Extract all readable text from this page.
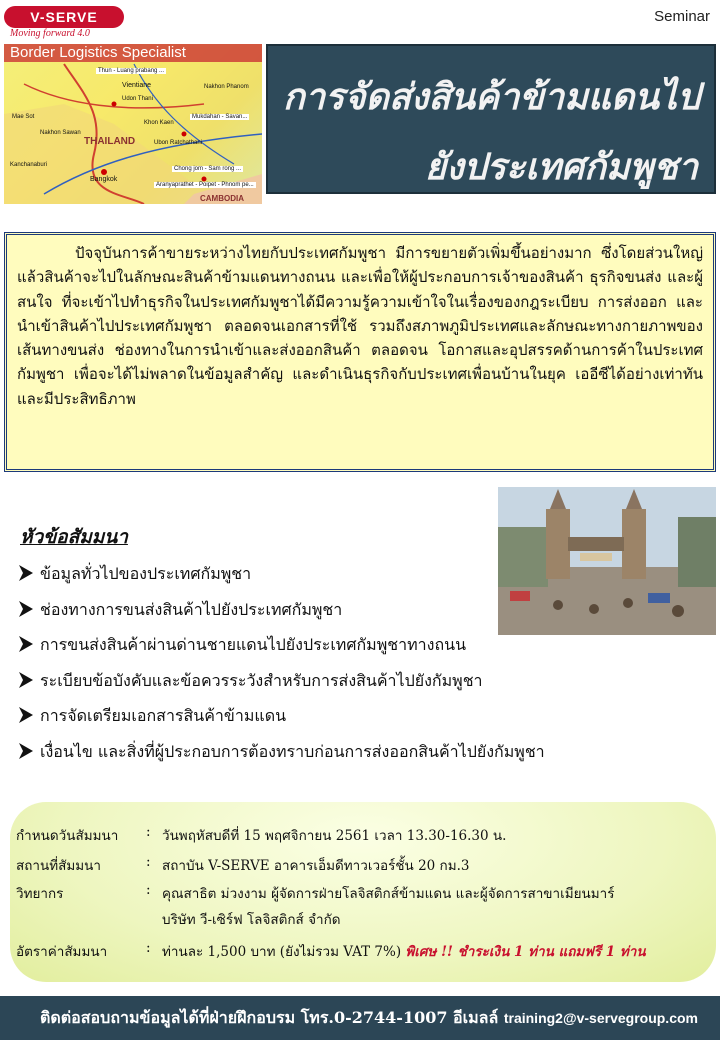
Seminar
V-SERVE
Moving forward 4.0
Border Logistics Specialist
Thun - Luang prabang ...
Vientiane	Nakhon Phanom
Khon Kaen
Mukdahan - Savan...
THAILAND	Ubon Ratchathani
Bangkok
Chong jom - Sam rong ...
Kanchanaburi
Aranyaprathet - Poipet - Phnom pe...
CAMBODIA
Nakhon Sawan
Udon Thani
Mae Sot	การจัดส่งสินค้าข้ามแดนไป
ยังประเทศกัมพูชา

ปัจจุบันการค้าขายระหว่างไทยกับประเทศกัมพูชา มีการขยายตัวเพิ่มขึ้นอย่างมาก ซึ่งโดยส่วนใหญ่แล้วสินค้าจะไปในลักษณะสินค้าข้ามแดนทางถนน และเพื่อให้ผู้ประกอบการเจ้าของสินค้า ธุรกิจขนส่ง และผู้สนใจ ที่จะเข้าไปทำธุรกิจในประเทศกัมพูชาได้มีความรู้ความเข้าใจในเรื่องของกฎระเบียบ การส่งออก และนำเข้าสินค้าไปประเทศกัมพูชา ตลอดจนเอกสารที่ใช้ รวมถึงสภาพภูมิประเทศและลักษณะทางกายภาพของเส้นทางขนส่ง ช่องทางในการนำเข้าและส่งออกสินค้า ตลอดจน โอกาสและอุปสรรคด้านการค้าในประเทศกัมพูชา เพื่อจะได้ไม่พลาดในข้อมูลสำคัญ และดำเนินธุรกิจกับประเทศเพื่อนบ้านในยุค เออีซีได้อย่างเท่าทันและมีประสิทธิภาพ

หัวข้อสัมมนา
ข้อมูลทั่วไปของประเทศกัมพูชา
ช่องทางการขนส่งสินค้าไปยังประเทศกัมพูชา
การขนส่งสินค้าผ่านด่านชายแดนไปยังประเทศกัมพูชาทางถนน
ระเบียบข้อบังคับและข้อควรระวังสำหรับการส่งสินค้าไปยังกัมพูชา
การจัดเตรียมเอกสารสินค้าข้ามแดน
เงื่อนไข และสิ่งที่ผู้ประกอบการต้องทราบก่อนการส่งออกสินค้าไปยังกัมพูชา
กำหนดวันสัมมนา : วันพฤหัสบดีที่ 15 พฤศจิกายน 2561 เวลา 13.30-16.30 น.
สถานที่สัมมนา	: สถาบัน V-SERVE อาคารเอ็มดีทาวเวอร์ชั้น 20 กม.3
วิทยากร	: คุณสาธิต ม่วงงาม ผู้จัดการฝ่ายโลจิสติกส์ข้ามแดน และผู้จัดการสาขาเมียนมาร์
บริษัท วี-เซิร์ฟ โลจิสติกส์ จำกัด
อัตราค่าสัมมนา	: ท่านละ 1,500 บาท (ยังไม่รวม VAT 7%) พิเศษ !! ชำระเงิน 1 ท่าน แถมฟรี 1 ท่าน
ติดต่อสอบถามข้อมูลได้ที่ฝ่ายฝึกอบรม โทร.0-2744-1007 อีเมลล์ training2@v-servegroup.com
